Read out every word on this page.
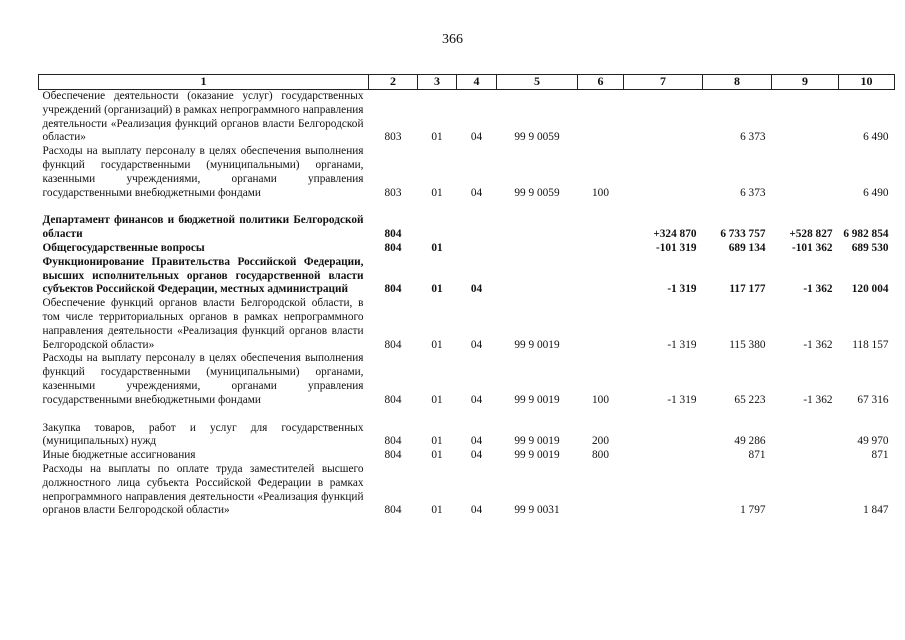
366
1	2	3	4	5	6	7	8	9	10
Обеспечение деятельности (оказание услуг) государственных учреждений (организаций) в рамках непрограммного направления деятельности «Реализация функций органов власти Белгородской области»	803	01	04	99 9 0059			6 373		6 490
Расходы на выплату персоналу в целях обеспечения выполнения функций государственными (муниципальными) органами, казенными учреждениями, органами управления государственными внебюджетными фондами	803	01	04	99 9 0059	100		6 373		6 490
Департамент финансов и бюджетной политики Белгородской области	804					+324 870	6 733 757	+528 827	6 982 854
Общегосударственные вопросы	804	01				-101 319	689 134	-101 362	689 530
Функционирование Правительства Российской Федерации, высших исполнительных органов государственной власти субъектов Российской Федерации, местных администраций	804	01	04			-1 319	117 177	-1 362	120 004
Обеспечение функций органов власти Белгородской области, в том числе территориальных органов в рамках непрограммного направления деятельности «Реализация функций органов власти Белгородской области»	804	01	04	99 9 0019		-1 319	115 380	-1 362	118 157
Расходы на выплату персоналу в целях обеспечения выполнения функций государственными (муниципальными) органами, казенными учреждениями, органами управления государственными внебюджетными фондами	804	01	04	99 9 0019	100	-1 319	65 223	-1 362	67 316
Закупка товаров, работ и услуг для государственных (муниципальных) нужд	804	01	04	99 9 0019	200		49 286		49 970
Иные бюджетные ассигнования	804	01	04	99 9 0019	800		871		871
Расходы на выплаты по оплате труда заместителей высшего должностного лица субъекта Российской Федерации в рамках непрограммного направления деятельности «Реализация функций органов власти Белгородской области»	804	01	04	99 9 0031			1 797		1 847
